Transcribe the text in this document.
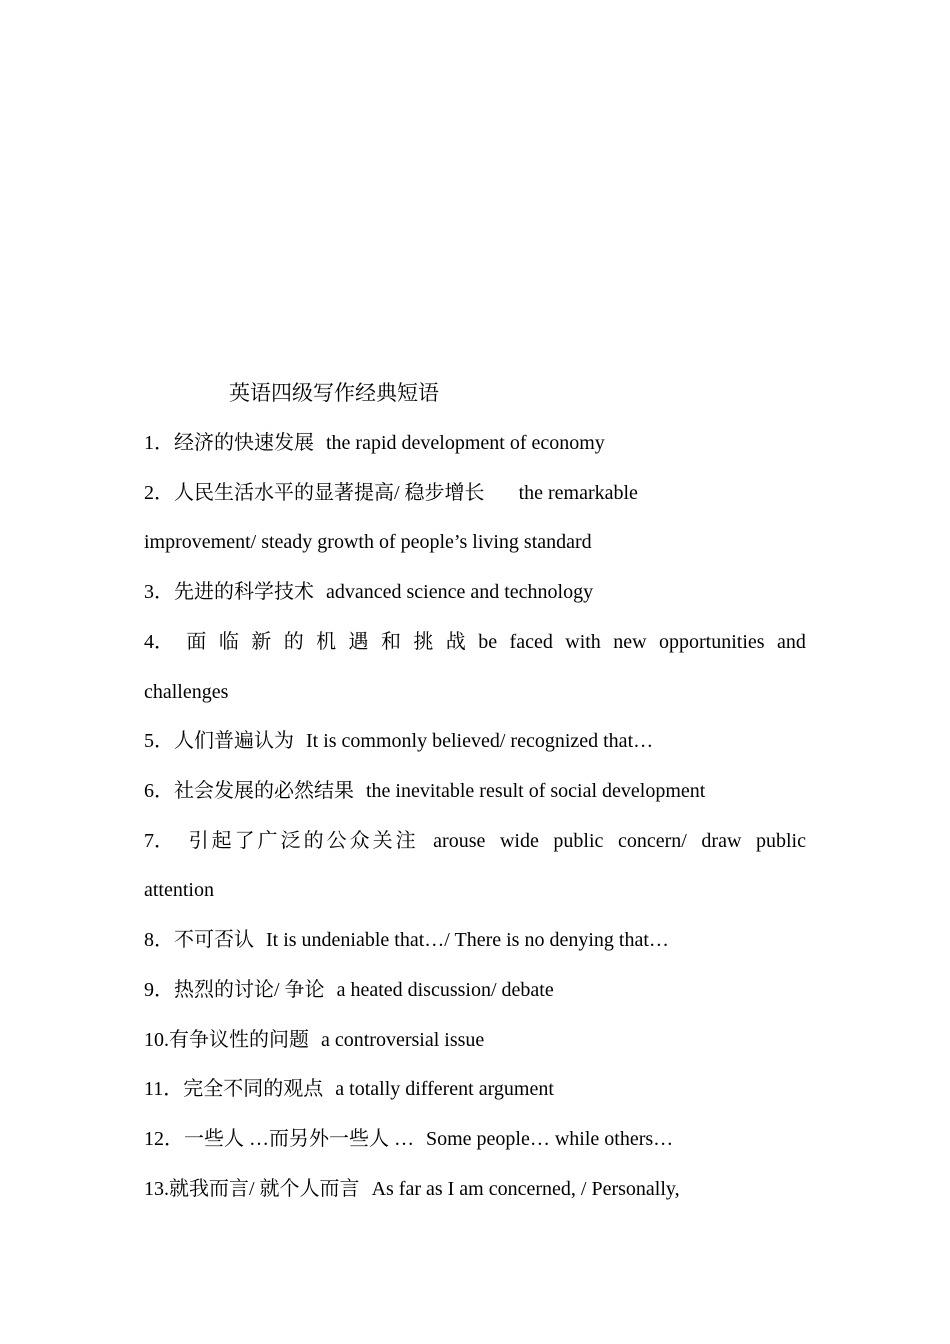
英语四级写作经典短语
1．经济的快速发展 the rapid development of economy
2．人民生活水平的显著提高/ 稳步增长 the remarkable
improvement/ steady growth of people’s living standard
3．先进的科学技术 advanced science and technology
4． 面 临 新 的 机 遇 和 挑 战 be faced with new opportunities and
challenges
5．人们普遍认为 It is commonly believed/ recognized that…
6．社会发展的必然结果 the inevitable result of social development
7． 引起了广泛的公众关注 arouse wide public concern/ draw public
attention
8．不可否认 It is undeniable that…/ There is no denying that…
9．热烈的讨论/ 争论 a heated discussion/ debate
10.有争议性的问题 a controversial issue
11．完全不同的观点 a totally different argument
12．一些人 …而另外一些人 … Some people… while others…
13.就我而言/ 就个人而言 As far as I am concerned, / Personally,
